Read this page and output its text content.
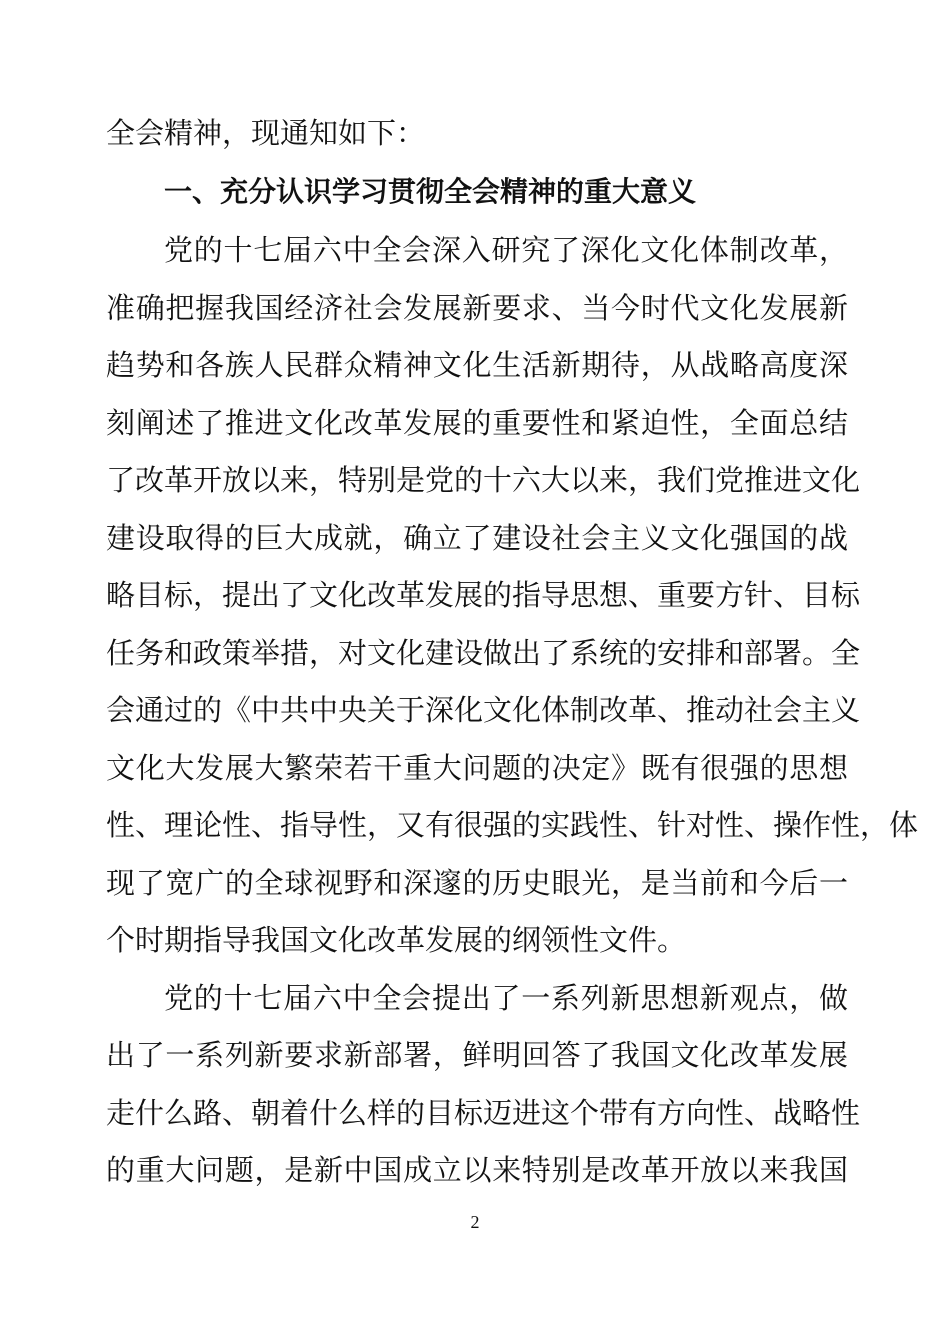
全会精神，现通知如下：
一、充分认识学习贯彻全会精神的重大意义
党的十七届六中全会深入研究了深化文化体制改革，
准确把握我国经济社会发展新要求、当今时代文化发展新
趋势和各族人民群众精神文化生活新期待，从战略高度深
刻阐述了推进文化改革发展的重要性和紧迫性，全面总结
了改革开放以来，特别是党的十六大以来，我们党推进文化
建设取得的巨大成就，确立了建设社会主义文化强国的战
略目标，提出了文化改革发展的指导思想、重要方针、目标
任务和政策举措，对文化建设做出了系统的安排和部署。全
会通过的《中共中央关于深化文化体制改革、推动社会主义
文化大发展大繁荣若干重大问题的决定》既有很强的思想
性、理论性、指导性，又有很强的实践性、针对性、操作性，体
现了宽广的全球视野和深邃的历史眼光，是当前和今后一
个时期指导我国文化改革发展的纲领性文件。
党的十七届六中全会提出了一系列新思想新观点，做
出了一系列新要求新部署，鲜明回答了我国文化改革发展
走什么路、朝着什么样的目标迈进这个带有方向性、战略性
的重大问题，是新中国成立以来特别是改革开放以来我国
2
